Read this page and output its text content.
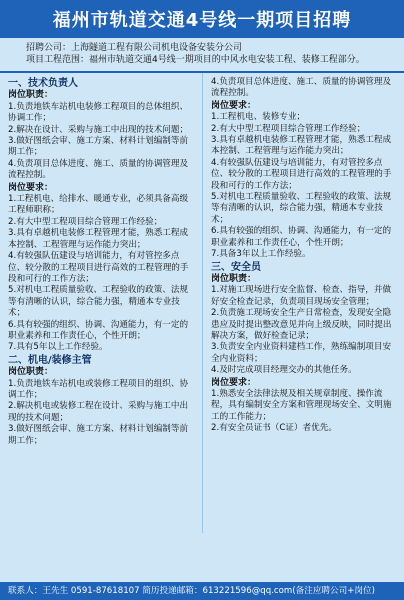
福州市轨道交通4号线一期项目招聘
招聘公司： 上海隧道工程有限公司机电设备安装分公司
项目工程范围： 福州市轨道交通4号线一期项目的中风水电安装工程、装修工程部分。
一、技术负责人
岗位职责：
1.负责地铁车站机电装修工程项目的总体组织、协调工作；
2.解决在设计、采购与施工中出现的技术问题；
3.做好图纸会审、施工方案、材料计划编制等前期工作；
4.负责项目总体进度、施工、质量的协调管理及流程控制。
岗位要求：
1.工程机电、给排水、暖通专业，必须具备高级工程师职称；
2.有大中型工程项目综合管理工作经验；
3.具有卓越机电装修工程管理才能，熟悉工程成本控制、工程管理与运作能力突出；
4.有较强队伍建设与培训能力，有对管控多点位、较分散的工程项目进行高效的工程管理的手段和可行的工作方法；
5.对机电工程质量验收、工程验收的政策、法规等有清晰的认识，综合能力强，精通本专业技术；
6.具有较强的组织、协调、沟通能力，有一定的职业素养和工作责任心，个性开朗；
7.具有5年以上工作经验。
二、机电/装修主管
岗位职责：
1.负责地铁车站机电或装修工程项目的组织、协调工作；
2.解决机电或装修工程在设计、采购与施工中出现的技术问题；
3.做好图纸会审、施工方案、材料计划编制等前期工作；
4.负责项目总体进度、施工、质量的协调管理及流程控制。
岗位要求：
1.工程机电、装修专业；
2.有大中型工程项目综合管理工作经验；
3.具有卓越机电装修工程管理才能，熟悉工程成本控制、工程管理与运作能力突出；
4.有较强队伍建设与培训能力，有对管控多点位、较分散的工程项目进行高效的工程管理的手段和可行的工作方法；
5.对机电工程质量验收、工程验收的政策、法规等有清晰的认识，综合能力强，精通本专业技术；
6.具有较强的组织、协调、沟通能力，有一定的职业素养和工作责任心，个性开朗；
7.具备3年以上工作经验。
三、安全员
岗位职责：
1.对施工现场进行安全监督、检查、指导，并做好安全检查记录，负责项目现场安全管理；
2.负责施工现场安全生产日常检查，发现安全隐患应及时提出整改意见并向上级反映，同时提出解决方案，做好检查记录；
3.负责安全内业资料建档工作，熟练编制项目安全内业资料；
4.及时完成项目经理交办的其他任务。
岗位要求：
1.熟悉安全法律法规及相关规章制度、操作流程，具有编制安全方案和管理现场安全、文明施工的工作能力；
2.有安全员证书（C证）者优先。
联系人：王先生 0591-87618107 简历投递邮箱：613221596@qq.com(备注应聘公司+岗位)
